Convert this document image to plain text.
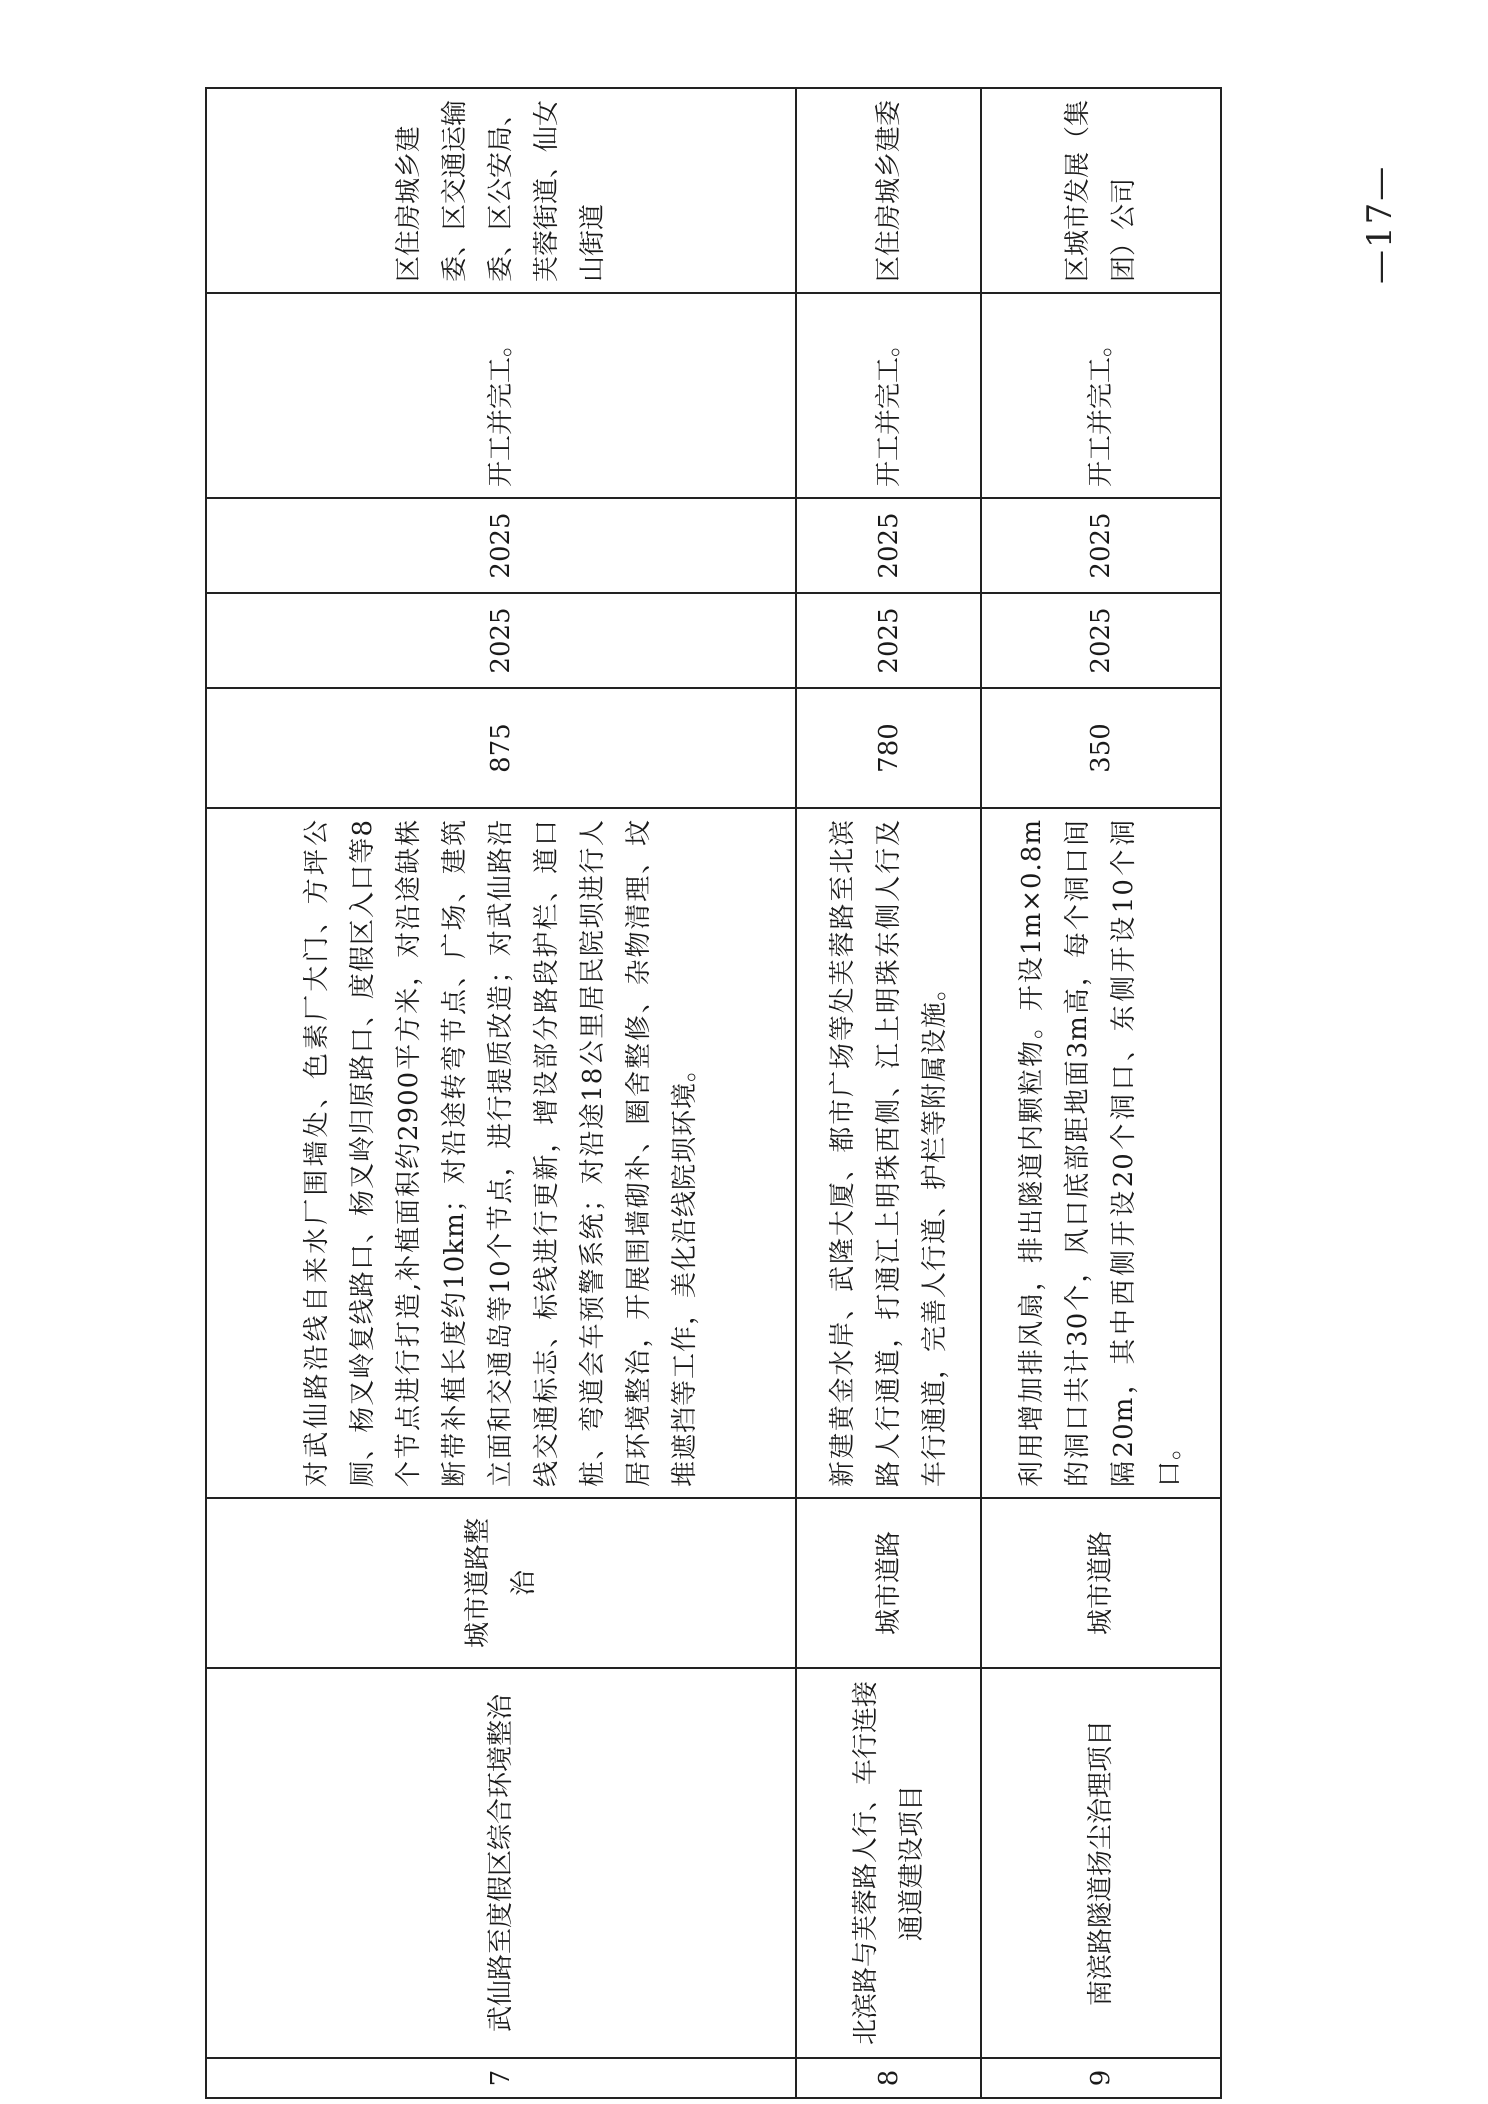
7	武仙路至度假区综合环境整治	城市道路整治	对武仙路沿线自来水厂围墙处、色素厂大门、方坪公厕、杨叉岭复线路口、杨叉岭归原路口、度假区入口等8个节点进行打造,补植面积约2900平方米，对沿途缺株断带补植长度约10km；对沿途转弯节点、广场、建筑立面和交通岛等10个节点，进行提质改造；对武仙路沿线交通标志、标线进行更新，增设部分路段护栏、道口桩、弯道会车预警系统；对沿途18公里居民院坝进行人居环境整治，开展围墙砌补、圈舍整修、杂物清理、坟堆遮挡等工作，美化沿线院坝环境。	875	2025	2025	开工并完工。	区住房城乡建委、区交通运输委、区公安局、芙蓉街道、仙女山街道
8	北滨路与芙蓉路人行、车行连接通道建设项目	城市道路	新建黄金水岸、武隆大厦、都市广场等处芙蓉路至北滨路人行通道，打通江上明珠西侧、江上明珠东侧人行及车行通道，完善人行道、护栏等附属设施。	780	2025	2025	开工并完工。	区住房城乡建委
9	南滨路隧道扬尘治理项目	城市道路	利用增加排风扇，排出隧道内颗粒物。开设1m×0.8m的洞口共计30个，风口底部距地面3m高，每个洞口间隔20m，其中西侧开设20个洞口、东侧开设10个洞口。	350	2025	2025	开工并完工。	区城市发展（集团）公司	—17—
